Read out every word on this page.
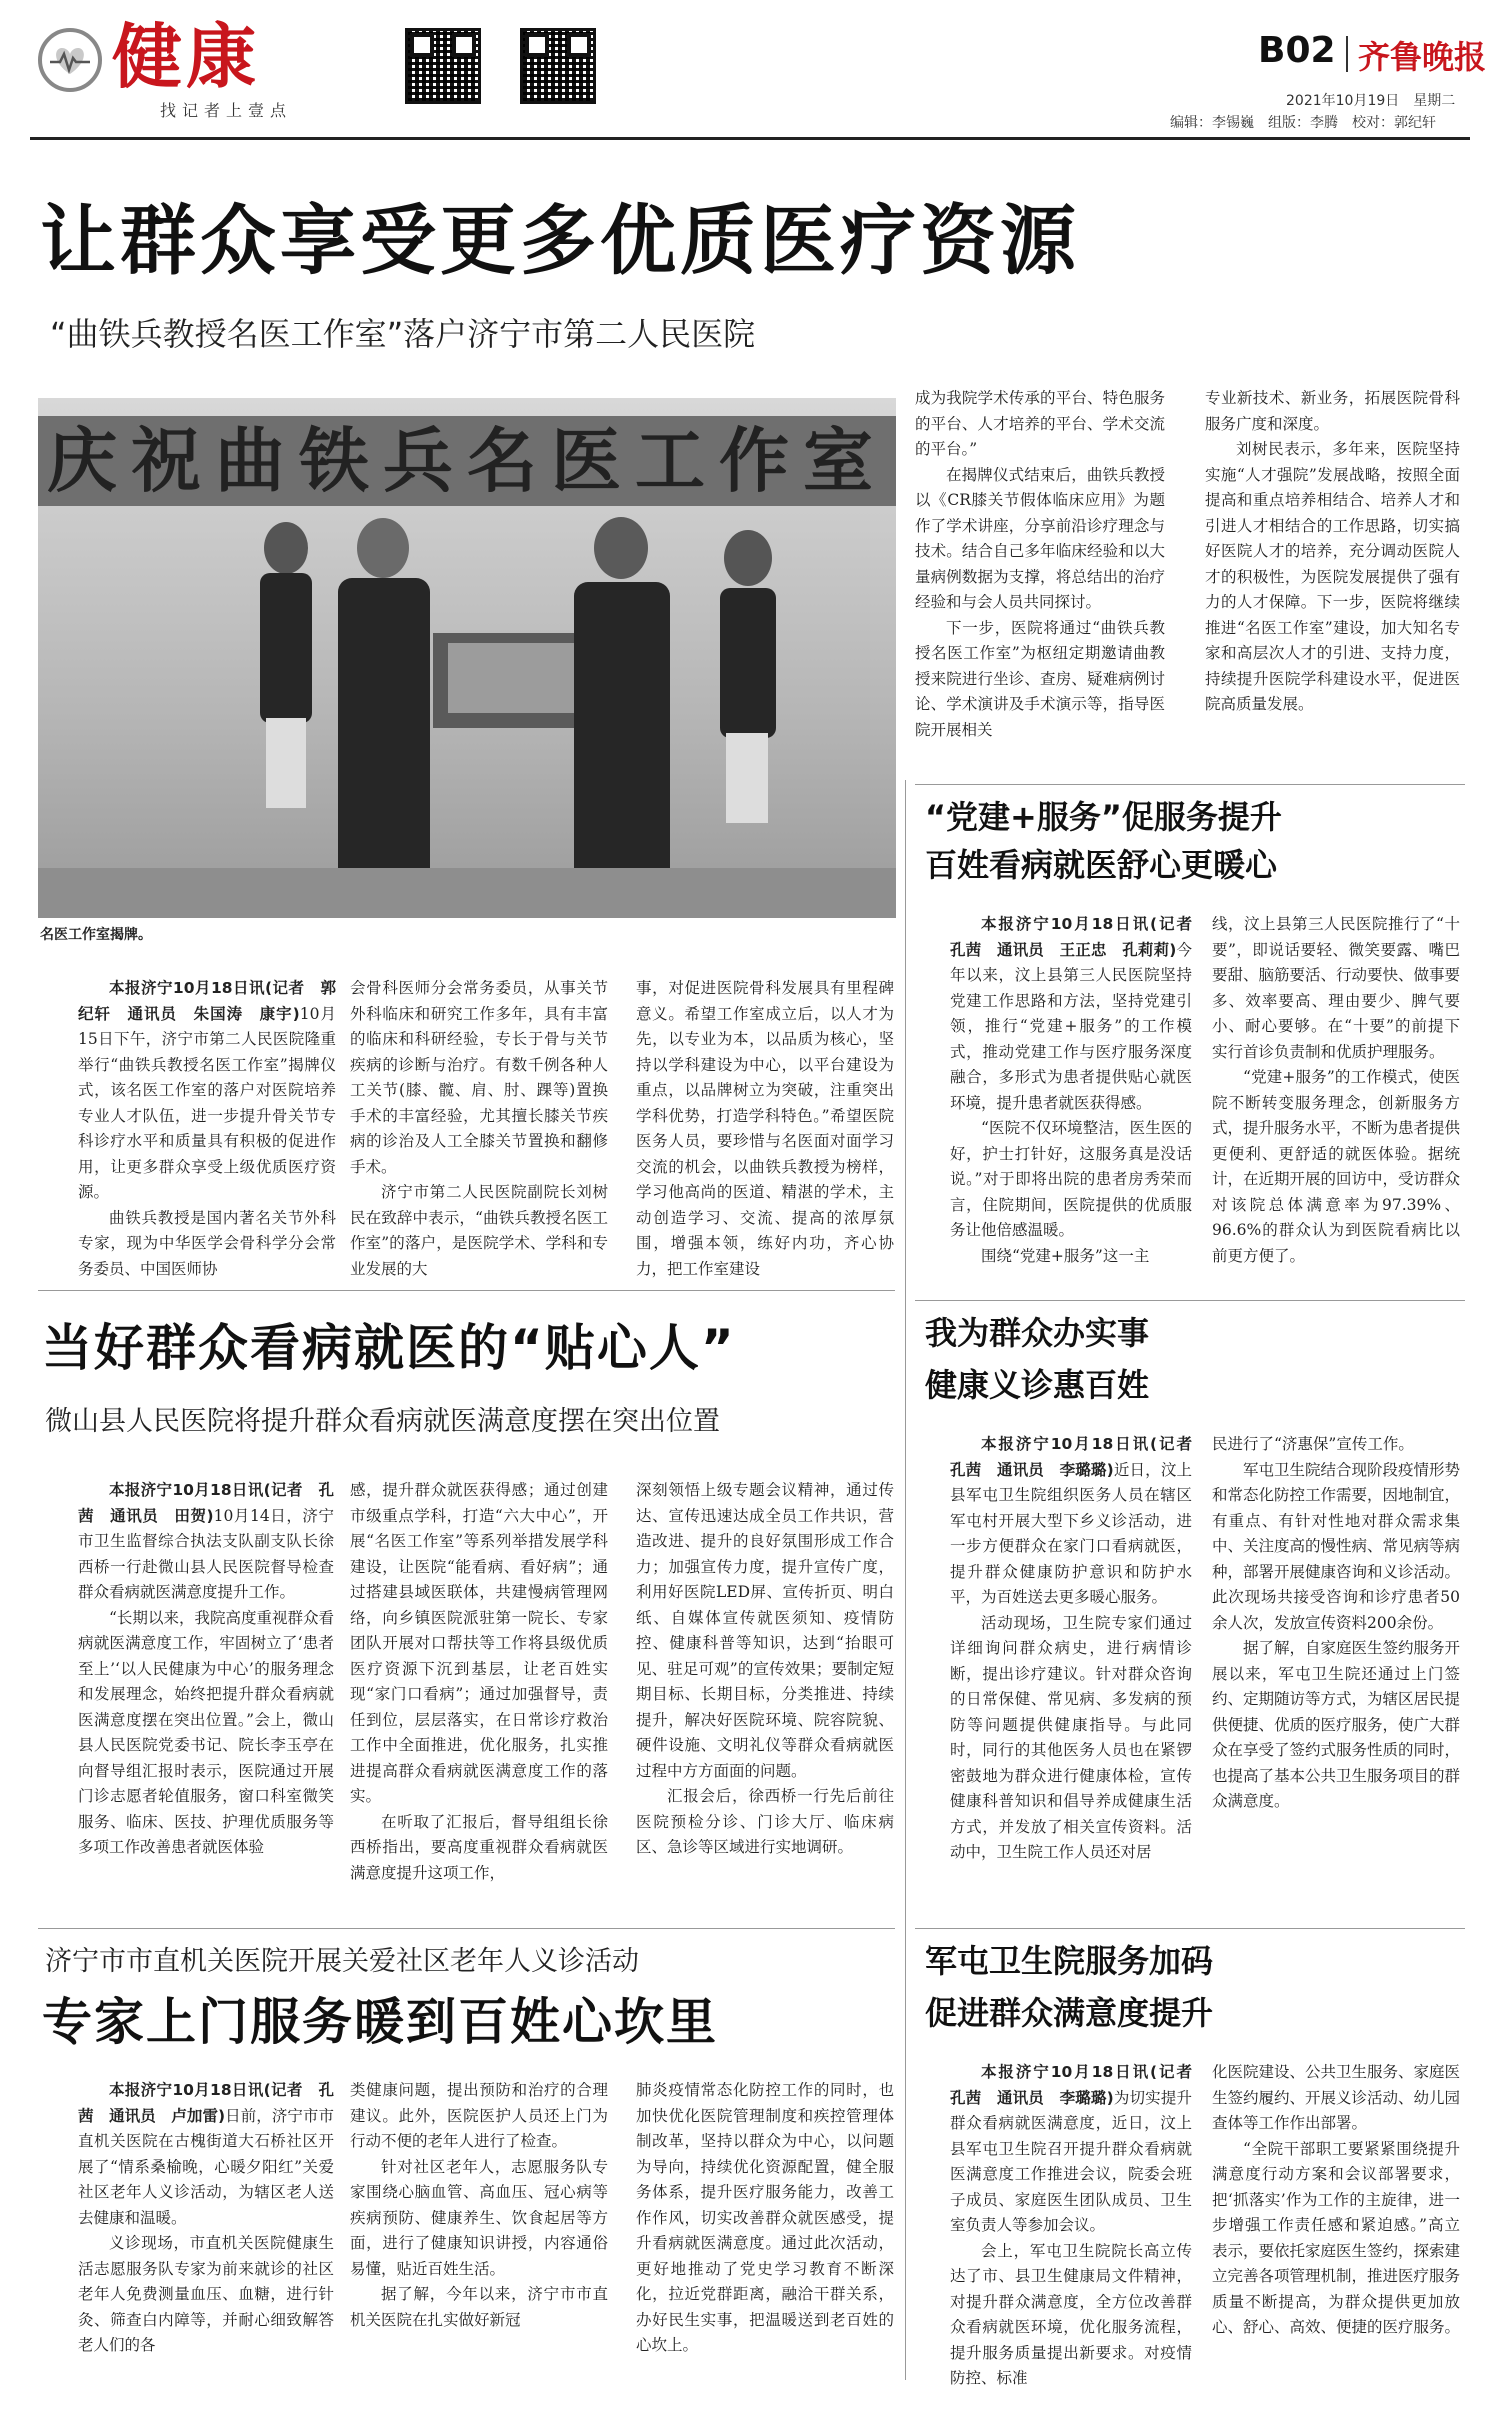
健康
找记者上壹点
B02 齐鲁晚报
2021年10月19日　星期二
编辑：李锡巍　组版：李腾　校对：郭纪轩
让群众享受更多优质医疗资源
“曲铁兵教授名医工作室”落户济宁市第二人民医院
庆祝曲铁兵名医工作室
名医工作室揭牌。

成为我院学术传承的平台、特色服务的平台、人才培养的平台、学术交流的平台。”

在揭牌仪式结束后，曲铁兵教授以《CR膝关节假体临床应用》为题作了学术讲座，分享前沿诊疗理念与技术。结合自己多年临床经验和以大量病例数据为支撑，将总结出的治疗经验和与会人员共同探讨。

下一步，医院将通过“曲铁兵教授名医工作室”为枢纽定期邀请曲教授来院进行坐诊、查房、疑难病例讨论、学术演讲及手术演示等，指导医院开展相关

专业新技术、新业务，拓展医院骨科服务广度和深度。

刘树民表示，多年来，医院坚持实施“人才强院”发展战略，按照全面提高和重点培养相结合、培养人才和引进人才相结合的工作思路，切实搞好医院人才的培养，充分调动医院人才的积极性，为医院发展提供了强有力的人才保障。下一步，医院将继续推进“名医工作室”建设，加大知名专家和高层次人才的引进、支持力度，持续提升医院学科建设水平，促进医院高质量发展。

本报济宁10月18日讯(记者　郭纪轩　通讯员　朱国涛　康宇)10月15日下午，济宁市第二人民医院隆重举行“曲铁兵教授名医工作室”揭牌仪式，该名医工作室的落户对医院培养专业人才队伍，进一步提升骨关节专科诊疗水平和质量具有积极的促进作用，让更多群众享受上级优质医疗资源。

曲铁兵教授是国内著名关节外科专家，现为中华医学会骨科学分会常务委员、中国医师协

会骨科医师分会常务委员，从事关节外科临床和研究工作多年，具有丰富的临床和科研经验，专长于骨与关节疾病的诊断与治疗。有数千例各种人工关节(膝、髋、肩、肘、踝等)置换手术的丰富经验，尤其擅长膝关节疾病的诊治及人工全膝关节置换和翻修手术。

济宁市第二人民医院副院长刘树民在致辞中表示，“曲铁兵教授名医工作室”的落户，是医院学术、学科和专业发展的大

事，对促进医院骨科发展具有里程碑意义。希望工作室成立后，以人才为先，以专业为本，以品质为核心，坚持以学科建设为中心，以平台建设为重点，以品牌树立为突破，注重突出学科优势，打造学科特色。”希望医院医务人员，要珍惜与名医面对面学习交流的机会，以曲铁兵教授为榜样，学习他高尚的医道、精湛的学术，主动创造学习、交流、提高的浓厚氛围，增强本领，练好内功，齐心协力，把工作室建设

“党建+服务”促服务提升
百姓看病就医舒心更暖心

本报济宁10月18日讯(记者　孔茜　通讯员　王正忠　孔莉莉)今年以来，汶上县第三人民医院坚持党建工作思路和方法，坚持党建引领，推行“党建+服务”的工作模式，推动党建工作与医疗服务深度融合，多形式为患者提供贴心就医环境，提升患者就医获得感。

“医院不仅环境整洁，医生医的好，护士打针好，这服务真是没话说。”对于即将出院的患者房秀荣而言，住院期间，医院提供的优质服务让他倍感温暖。

围绕“党建+服务”这一主

线，汶上县第三人民医院推行了“十要”，即说话要轻、微笑要露、嘴巴要甜、脑筋要活、行动要快、做事要多、效率要高、理由要少、脾气要小、耐心要够。在“十要”的前提下实行首诊负责制和优质护理服务。

“党建+服务”的工作模式，使医院不断转变服务理念，创新服务方式，提升服务水平，不断为患者提供更便利、更舒适的就医体验。据统计，在近期开展的回访中，受访群众对该院总体满意率为97.39%、96.6%的群众认为到医院看病比以前更方便了。

当好群众看病就医的“贴心人”
微山县人民医院将提升群众看病就医满意度摆在突出位置

本报济宁10月18日讯(记者　孔茜　通讯员　田贺)10月14日，济宁市卫生监督综合执法支队副支队长徐西桥一行赴微山县人民医院督导检查群众看病就医满意度提升工作。

“长期以来，我院高度重视群众看病就医满意度工作，牢固树立了‘患者至上’‘以人民健康为中心’的服务理念和发展理念，始终把提升群众看病就医满意度摆在突出位置。”会上，微山县人民医院党委书记、院长李玉亭在向督导组汇报时表示，医院通过开展门诊志愿者轮值服务，窗口科室微笑服务、临床、医技、护理优质服务等多项工作改善患者就医体验

感，提升群众就医获得感；通过创建市级重点学科，打造“六大中心”，开展“名医工作室”等系列举措发展学科建设，让医院“能看病、看好病”；通过搭建县域医联体，共建慢病管理网络，向乡镇医院派驻第一院长、专家团队开展对口帮扶等工作将县级优质医疗资源下沉到基层，让老百姓实现“家门口看病”；通过加强督导，责任到位，层层落实，在日常诊疗救治工作中全面推进，优化服务，扎实推进提高群众看病就医满意度工作的落实。

在听取了汇报后，督导组组长徐西桥指出，要高度重视群众看病就医满意度提升这项工作，

深刻领悟上级专题会议精神，通过传达、宣传迅速达成全员工作共识，营造改进、提升的良好氛围形成工作合力；加强宣传力度，提升宣传广度，利用好医院LED屏、宣传折页、明白纸、自媒体宣传就医须知、疫情防控、健康科普等知识，达到“抬眼可见、驻足可观”的宣传效果；要制定短期目标、长期目标，分类推进、持续提升，解决好医院环境、院容院貌、硬件设施、文明礼仪等群众看病就医过程中方方面面的问题。

汇报会后，徐西桥一行先后前往医院预检分诊、门诊大厅、临床病区、急诊等区域进行实地调研。

我为群众办实事
健康义诊惠百姓

本报济宁10月18日讯(记者　孔茜　通讯员　李璐璐)近日，汶上县军屯卫生院组织医务人员在辖区军屯村开展大型下乡义诊活动，进一步方便群众在家门口看病就医，提升群众健康防护意识和防护水平，为百姓送去更多暖心服务。

活动现场，卫生院专家们通过详细询问群众病史，进行病情诊断，提出诊疗建议。针对群众咨询的日常保健、常见病、多发病的预防等问题提供健康指导。与此同时，同行的其他医务人员也在紧锣密鼓地为群众进行健康体检，宣传健康科普知识和倡导养成健康生活方式，并发放了相关宣传资料。活动中，卫生院工作人员还对居

民进行了“济惠保”宣传工作。

军屯卫生院结合现阶段疫情形势和常态化防控工作需要，因地制宜，有重点、有针对性地对群众需求集中、关注度高的慢性病、常见病等病种，部署开展健康咨询和义诊活动。此次现场共接受咨询和诊疗患者50余人次，发放宣传资料200余份。

据了解，自家庭医生签约服务开展以来，军屯卫生院还通过上门签约、定期随访等方式，为辖区居民提供便捷、优质的医疗服务，使广大群众在享受了签约式服务性质的同时，也提高了基本公共卫生服务项目的群众满意度。

济宁市市直机关医院开展关爱社区老年人义诊活动
专家上门服务暖到百姓心坎里

本报济宁10月18日讯(记者　孔茜　通讯员　卢加雷)日前，济宁市市直机关医院在古槐街道大石桥社区开展了“情系桑榆晚，心暖夕阳红”关爱社区老年人义诊活动，为辖区老人送去健康和温暖。

义诊现场，市直机关医院健康生活志愿服务队专家为前来就诊的社区老年人免费测量血压、血糖，进行针灸、筛查白内障等，并耐心细致解答老人们的各

类健康问题，提出预防和治疗的合理建议。此外，医院医护人员还上门为行动不便的老年人进行了检查。

针对社区老年人，志愿服务队专家围绕心脑血管、高血压、冠心病等疾病预防、健康养生、饮食起居等方面，进行了健康知识讲授，内容通俗易懂，贴近百姓生活。

据了解，今年以来，济宁市市直机关医院在扎实做好新冠

肺炎疫情常态化防控工作的同时，也加快优化医院管理制度和疾控管理体制改革，坚持以群众为中心，以问题为导向，持续优化资源配置，健全服务体系，提升医疗服务能力，改善工作作风，切实改善群众就医感受，提升看病就医满意度。通过此次活动，更好地推动了党史学习教育不断深化，拉近党群距离，融洽干群关系，办好民生实事，把温暖送到老百姓的心坎上。

军屯卫生院服务加码
促进群众满意度提升

本报济宁10月18日讯(记者　孔茜　通讯员　李璐璐)为切实提升群众看病就医满意度，近日，汶上县军屯卫生院召开提升群众看病就医满意度工作推进会议，院委会班子成员、家庭医生团队成员、卫生室负责人等参加会议。

会上，军屯卫生院院长高立传达了市、县卫生健康局文件精神，对提升群众满意度，全方位改善群众看病就医环境，优化服务流程，提升服务质量提出新要求。对疫情防控、标准

化医院建设、公共卫生服务、家庭医生签约履约、开展义诊活动、幼儿园查体等工作作出部署。

“全院干部职工要紧紧围绕提升满意度行动方案和会议部署要求，把‘抓落实’作为工作的主旋律，进一步增强工作责任感和紧迫感。”高立表示，要依托家庭医生签约，探索建立完善各项管理机制，推进医疗服务质量不断提高，为群众提供更加放心、舒心、高效、便捷的医疗服务。
